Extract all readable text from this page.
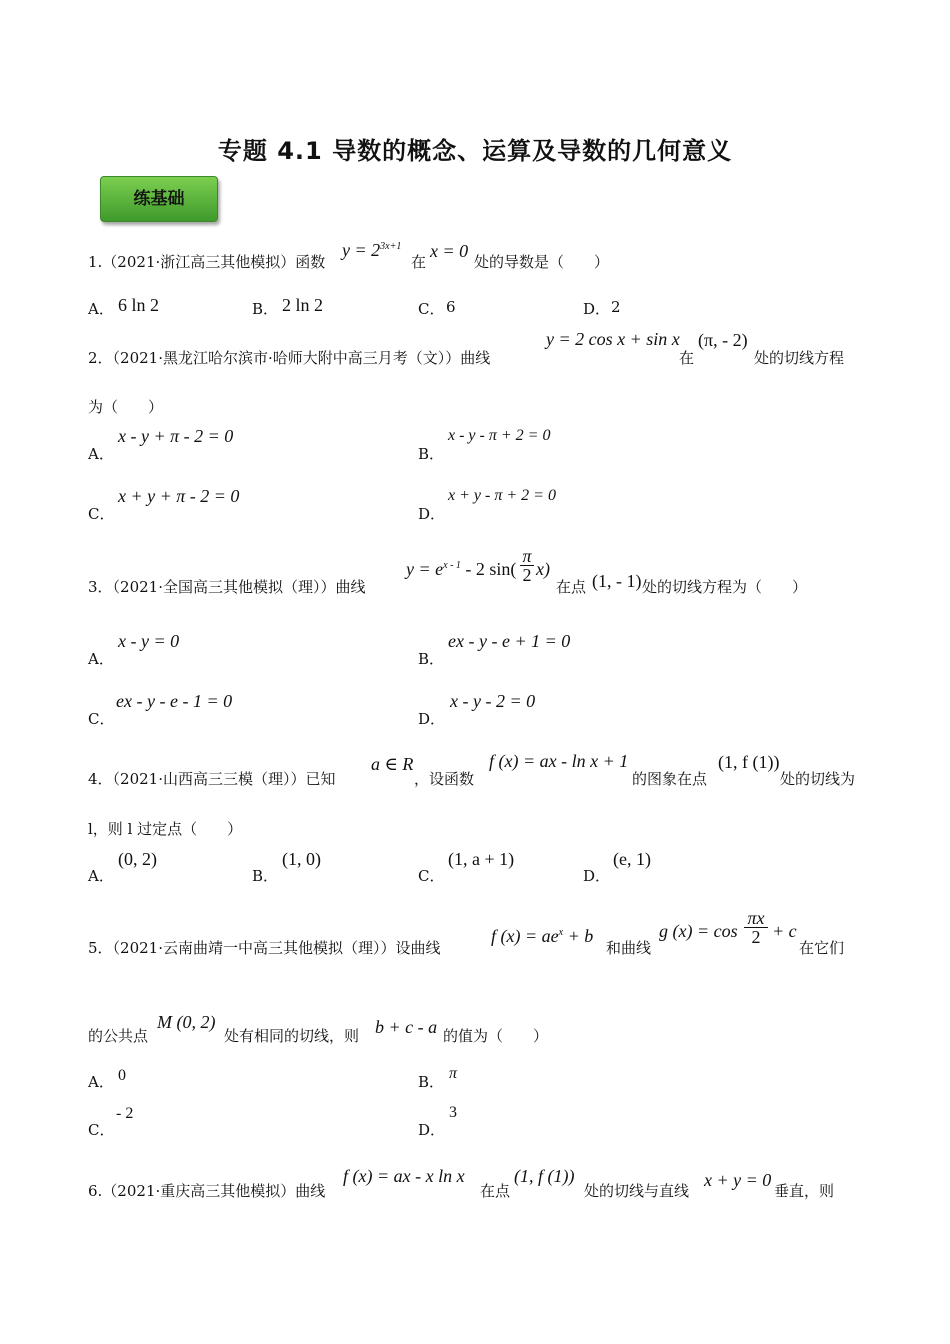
专题 4.1 导数的概念、运算及导数的几何意义
练基础
1.（2021·浙江高三其他模拟）函数
$y = 2^{3x+1}$
在
x = 0
处的导数是（　　）
A． 6 ln 2	B． 2 ln 2	C． 6	D． 2
2．（2021·黑龙江哈尔滨市·哈师大附中高三月考（文））曲线
y = 2 cos x + sin x
在
(π, - 2)
处的切线方程
为（　　）
A．
x - y + π - 2 = 0
B．
x - y - π + 2 = 0
C．
x + y + π - 2 = 0
D．
x + y - π + 2 = 0
3．（2021·全国高三其他模拟（理））曲线
$y = e^{x - 1} - 2$ sin(
π
2 x)
在点 (1, - 1) 处的切线方程为（　　）
A．
x - y = 0
B．
ex - y - e + 1 = 0
C．
ex - y - e - 1 = 0
D．
x - y - 2 = 0
4．（2021·山西高三三模（理））已知
a ∈ R
，设函数
f (x) = ax - ln x + 1
的图象在点
(1, f (1))
处的切线为
l，则 l 过定点（　　）
A．
(0, 2)
B．
(1, 0)
C．
(1, a + 1)
D．
(e, 1)
5．（2021·云南曲靖一中高三其他模拟（理））设曲线
f $(x) = ae^x + b$
和曲线
g (x) = cos
πx
2 + c
在它们
的公共点
M (0, 2)
处有相同的切线，则 b + c - a 的值为（　　）
A． 0	B． π
C．
- 2
D．
3
6.（2021·重庆高三其他模拟）曲线
f (x) = ax - x ln x
在点
(1, f (1))
处的切线与直线
x + y = 0
垂直，则
